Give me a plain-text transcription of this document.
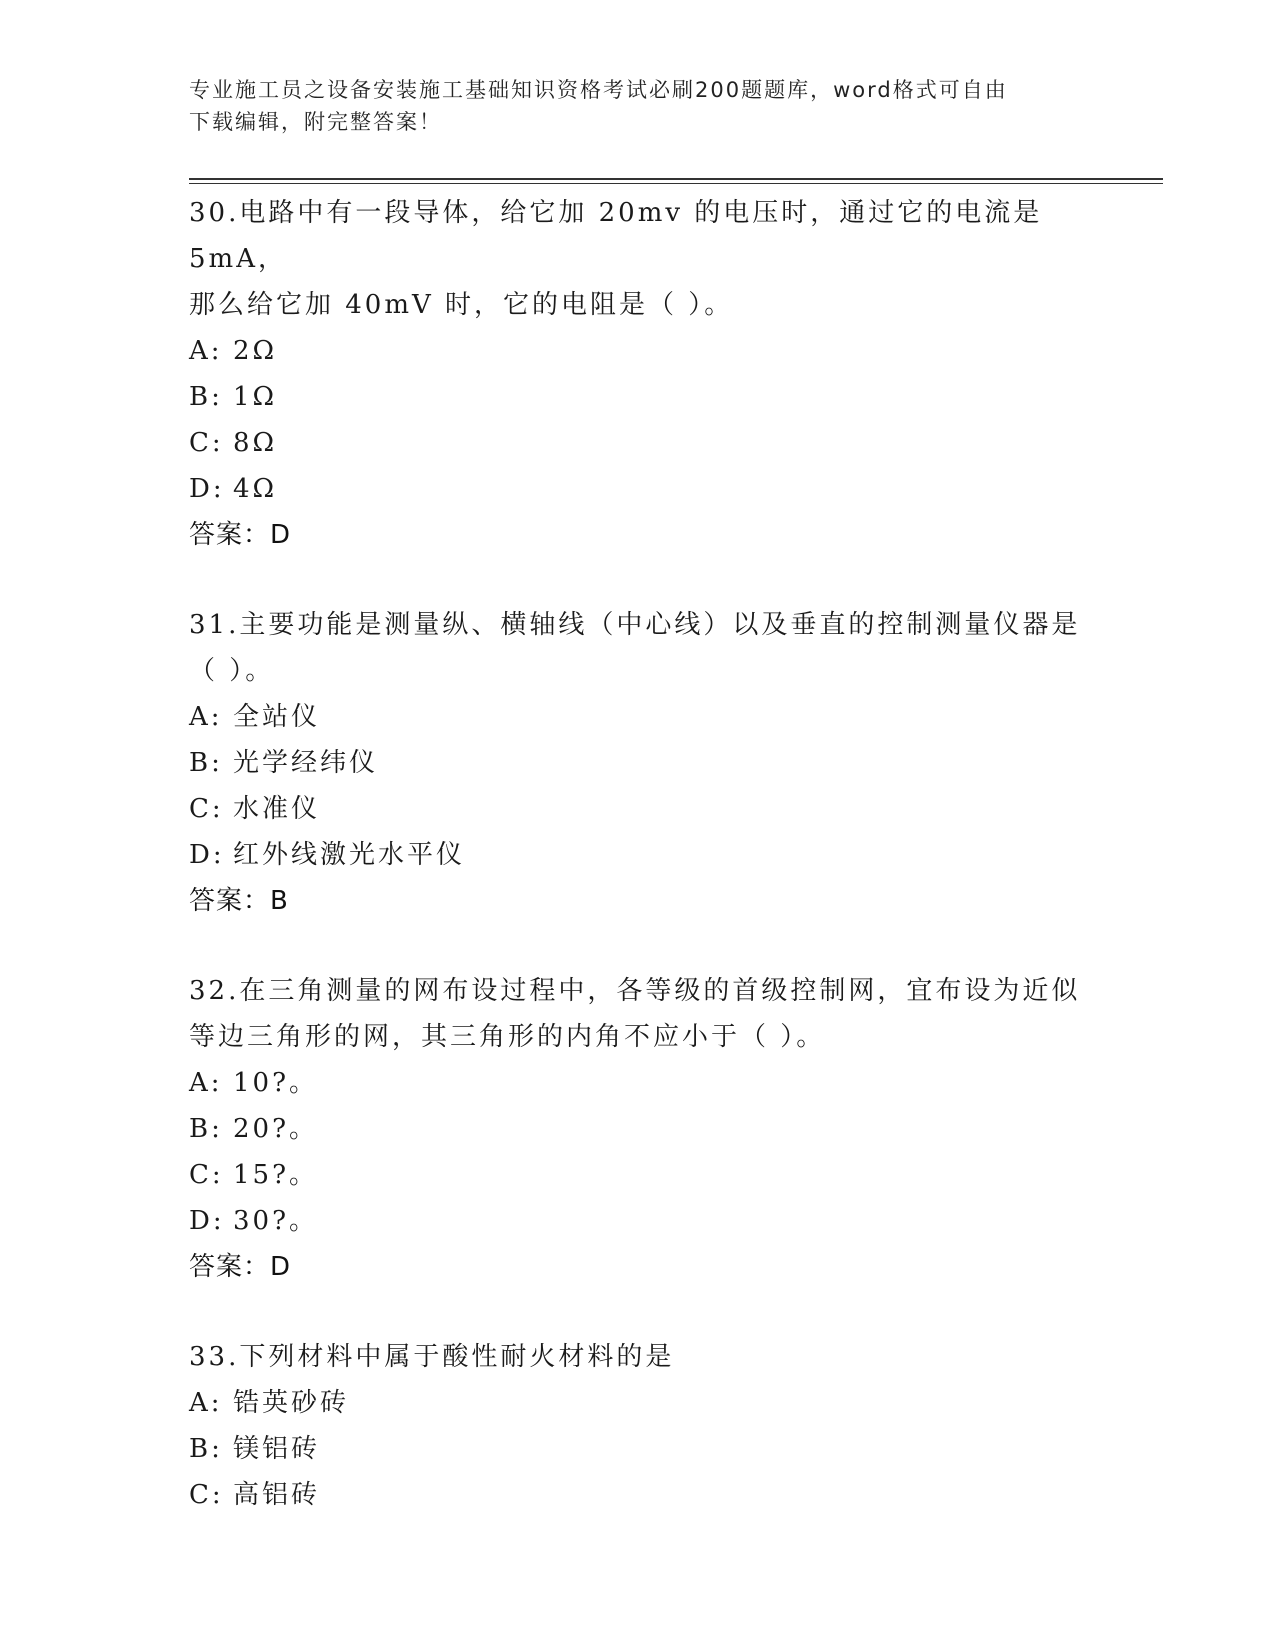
专业施工员之设备安装施工基础知识资格考试必刷200题题库，word格式可自由
下载编辑，附完整答案！
30.电路中有一段导体，给它加 20mv 的电压时，通过它的电流是 5mA，
那么给它加 40mV 时，它的电阻是（ ）。
A: 2Ω
B: 1Ω
C: 8Ω
D: 4Ω
答案：D
31.主要功能是测量纵、横轴线（中心线）以及垂直的控制测量仪器是
（ ）。
A: 全站仪
B: 光学经纬仪
C: 水准仪
D: 红外线激光水平仪
答案：B
32.在三角测量的网布设过程中，各等级的首级控制网，宜布设为近似
等边三角形的网，其三角形的内角不应小于（ ）。
A: 10?。
B: 20?。
C: 15?。
D: 30?。
答案：D
33.下列材料中属于酸性耐火材料的是
A: 锆英砂砖
B: 镁铝砖
C: 高铝砖
